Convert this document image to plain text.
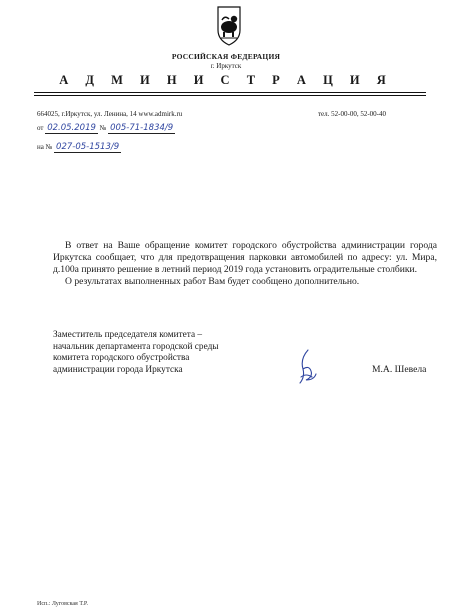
РОССИЙСКАЯ ФЕДЕРАЦИЯ
г. Иркутск
А Д М И Н И С Т Р А Ц И Я
664025, г.Иркутск, ул. Ленина, 14 www.admirk.ru	тел. 52-00-00, 52-00-40
от 02.05.2019 № 005-71-1834/9
на № 027-05-1513/9

В ответ на Ваше обращение комитет городского обустройства администрации города Иркутска сообщает, что для предотвращения парковки автомобилей по адресу: ул. Мира, д.100а принято решение в летний период 2019 года установить оградительные столбики.

О результатах выполненных работ Вам будет сообщено дополнительно.

Заместитель председателя комитета –
начальник департамента городской среды
комитета городского обустройства
администрации города Иркутска	М.А. Шевела
Исп.: Луговская Т.Р.
